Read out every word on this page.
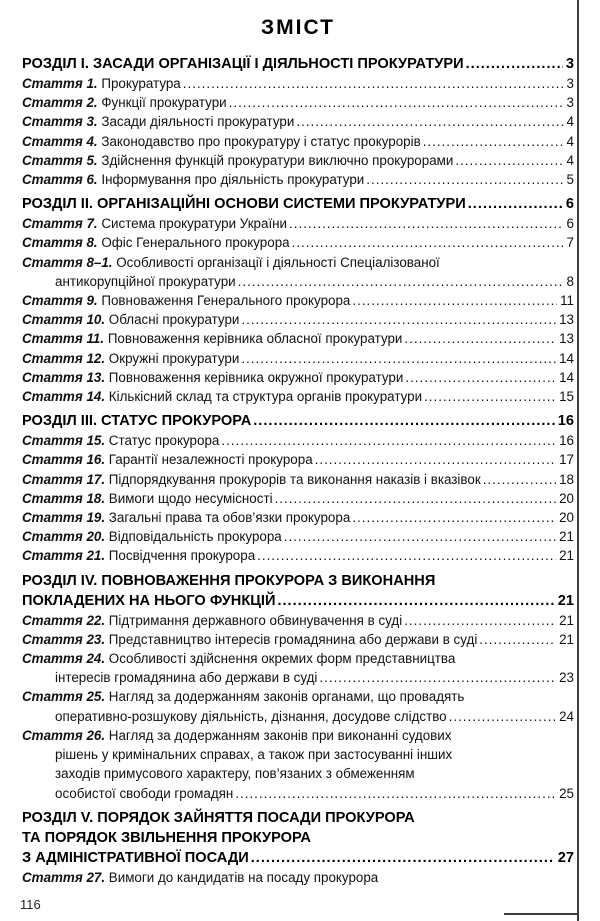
ЗМІСТ
РОЗДІЛ I. ЗАСАДИ ОРГАНІЗАЦІЇ І ДІЯЛЬНОСТІ ПРОКУРАТУРИ .....	3
Стаття 1. Прокуратура .....	3
Стаття 2. Функції прокуратури .....	3
Стаття 3. Засади діяльності прокуратури .....	4
Стаття 4. Законодавство про прокуратуру і статус прокурорів .....	4
Стаття 5. Здійснення функцій прокуратури виключно прокурорами .....	4
Стаття 6. Інформування про діяльність прокуратури .....	5
РОЗДІЛ II. ОРГАНІЗАЦІЙНІ ОСНОВИ СИСТЕМИ ПРОКУРАТУРИ .....	6
Стаття 7. Система прокуратури України .....	6
Стаття 8. Офіс Генерального прокурора .....	7
Стаття 8–1. Особливості організації і діяльності Спеціалізованої
антикорупційної прокуратури .....	8
Стаття 9. Повноваження Генерального прокурора .....	11
Стаття 10. Обласні прокуратури .....	13
Стаття 11. Повноваження керівника обласної прокуратури .....	13
Стаття 12. Окружні прокуратури .....	14
Стаття 13. Повноваження керівника окружної прокуратури .....	14
Стаття 14. Кількісний склад та структура органів прокуратури .....	15
РОЗДІЛ III. СТАТУС ПРОКУРОРА .....	16
Стаття 15. Статус прокурора .....	16
Стаття 16. Гарантії незалежності прокурора .....	17
Стаття 17. Підпорядкування прокурорів та виконання наказів і вказівок .....	18
Стаття 18. Вимоги щодо несумісності .....	20
Стаття 19. Загальні права та обов’язки прокурора .....	20
Стаття 20. Відповідальність прокурора .....	21
Стаття 21. Посвідчення прокурора .....	21
РОЗДІЛ IV. ПОВНОВАЖЕННЯ ПРОКУРОРА З ВИКОНАННЯ
ПОКЛАДЕНИХ НА НЬОГО ФУНКЦІЙ .....	21
Стаття 22. Підтримання державного обвинувачення в суді .....	21
Стаття 23. Представництво інтересів громадянина або держави в суді .....	21
Стаття 24. Особливості здійснення окремих форм представництва
інтересів громадянина або держави в суді .....	23
Стаття 25. Нагляд за додержанням законів органами, що провадять
оперативно-розшукову діяльність, дізнання, досудове слідство .....	24
Стаття 26. Нагляд за додержанням законів при виконанні судових
рішень у кримінальних справах, а також при застосуванні інших
заходів примусового характеру, пов’язаних з обмеженням
особистої свободи громадян .....	25
РОЗДІЛ V. ПОРЯДОК ЗАЙНЯТТЯ ПОСАДИ ПРОКУРОРА
ТА ПОРЯДОК ЗВІЛЬНЕННЯ ПРОКУРОРА
З АДМІНІСТРАТИВНОЇ ПОСАДИ .....	27
Стаття 27. Вимоги до кандидатів на посаду прокурора
116
